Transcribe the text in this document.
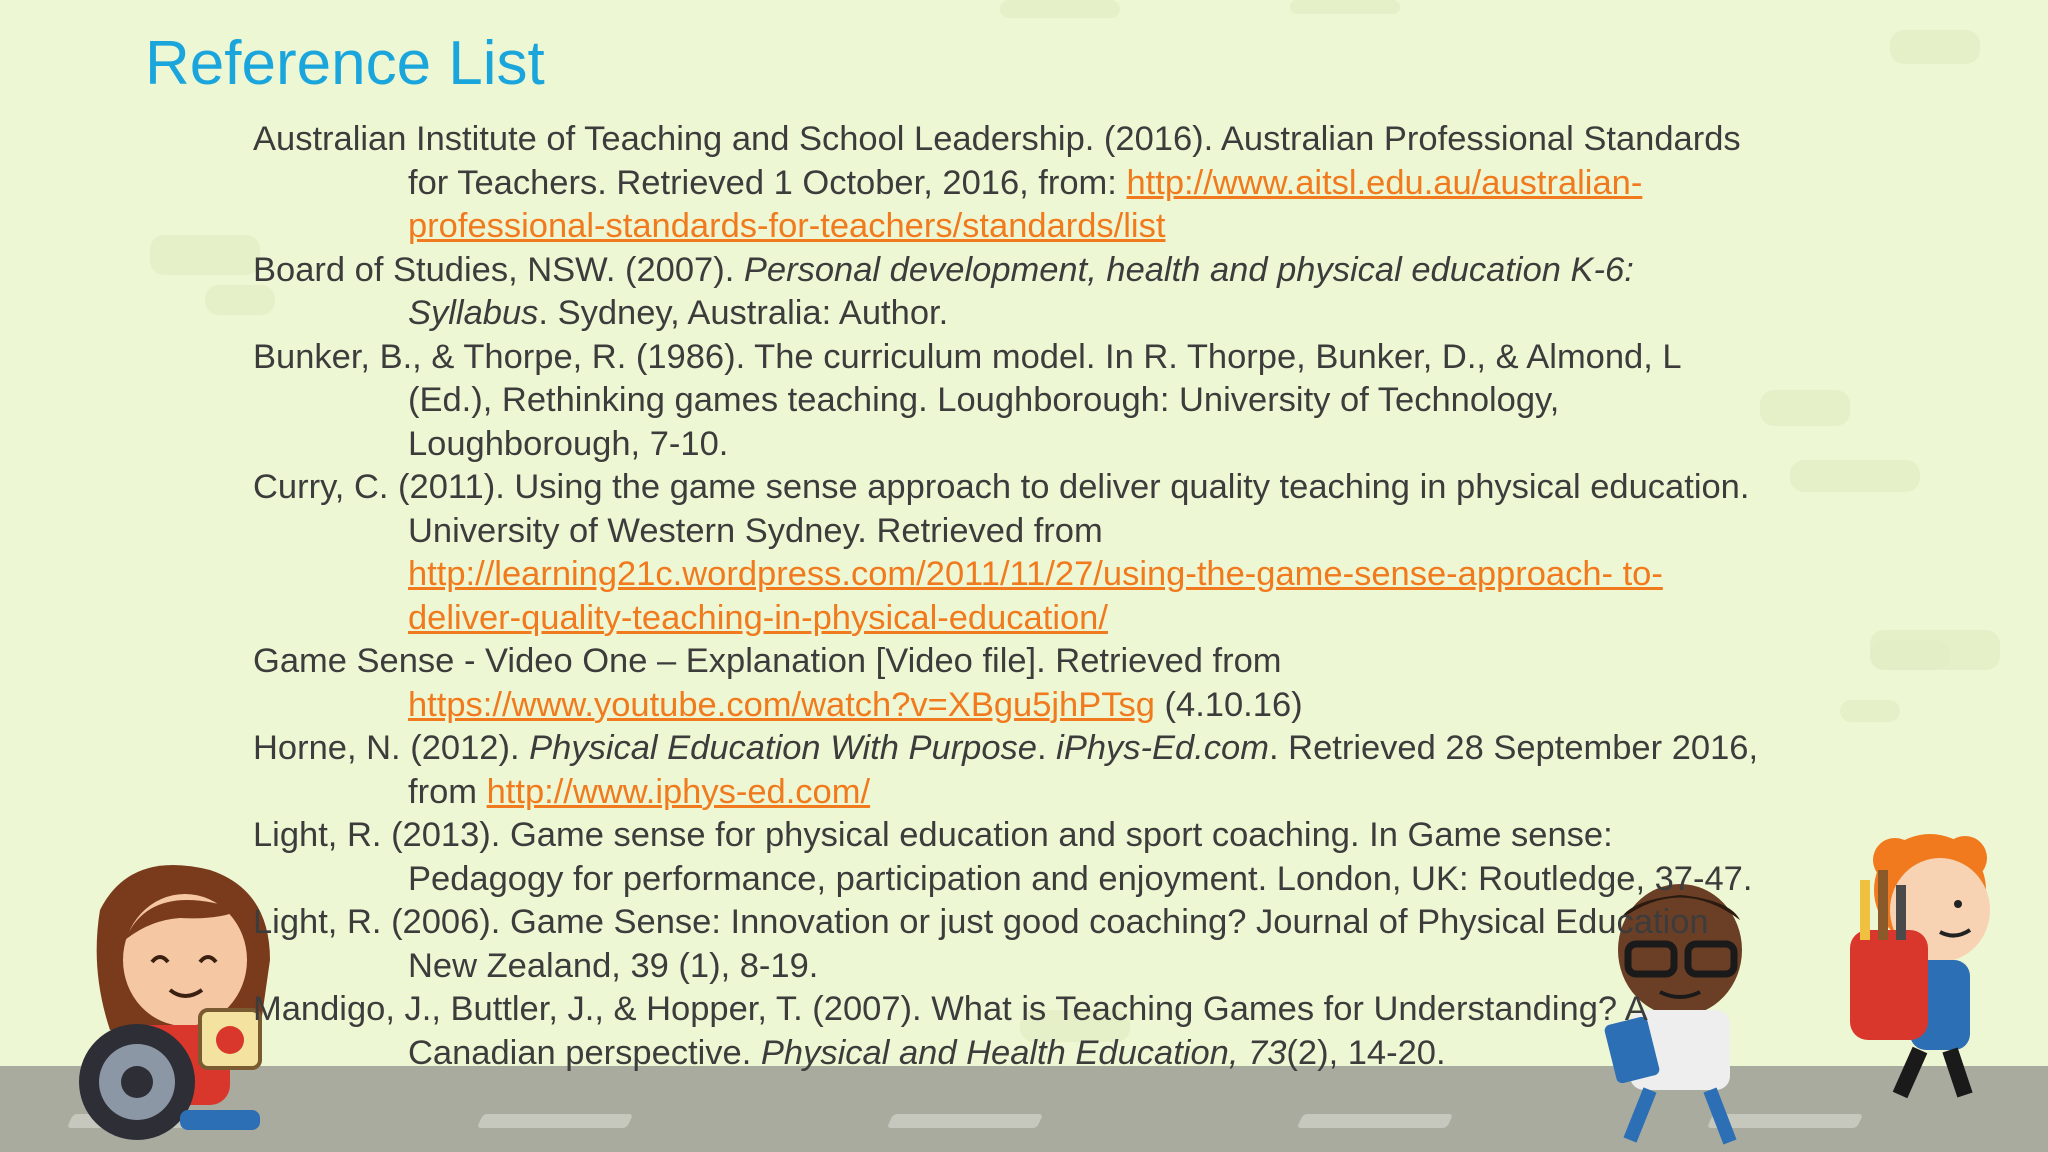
Reference List
Australian Institute of Teaching and School Leadership. (2016). Australian Professional Standards for Teachers. Retrieved 1 October, 2016, from: http://www.aitsl.edu.au/australian-professional-standards-for-teachers/standards/list
Board of Studies, NSW. (2007). Personal development, health and physical education K-6: Syllabus. Sydney, Australia: Author.
Bunker, B., & Thorpe, R. (1986). The curriculum model. In R. Thorpe, Bunker, D., & Almond, L (Ed.), Rethinking games teaching. Loughborough: University of Technology, Loughborough, 7-10.
Curry, C. (2011). Using the game sense approach to deliver quality teaching in physical education. University of Western Sydney. Retrieved from http://learning21c.wordpress.com/2011/11/27/using-the-game-sense-approach- to-deliver-quality-teaching-in-physical-education/
Game Sense - Video One – Explanation [Video file]. Retrieved from https://www.youtube.com/watch?v=XBgu5jhPTsg (4.10.16)
Horne, N. (2012). Physical Education With Purpose. iPhys-Ed.com. Retrieved 28 September 2016, from http://www.iphys-ed.com/
Light, R. (2013). Game sense for physical education and sport coaching. In Game sense: Pedagogy for performance, participation and enjoyment. London, UK: Routledge, 37-47.
Light, R. (2006). Game Sense: Innovation or just good coaching? Journal of Physical Education New Zealand, 39 (1), 8-19.
Mandigo, J., Buttler, J., & Hopper, T. (2007). What is Teaching Games for Understanding? A Canadian perspective. Physical and Health Education, 73(2), 14-20.
